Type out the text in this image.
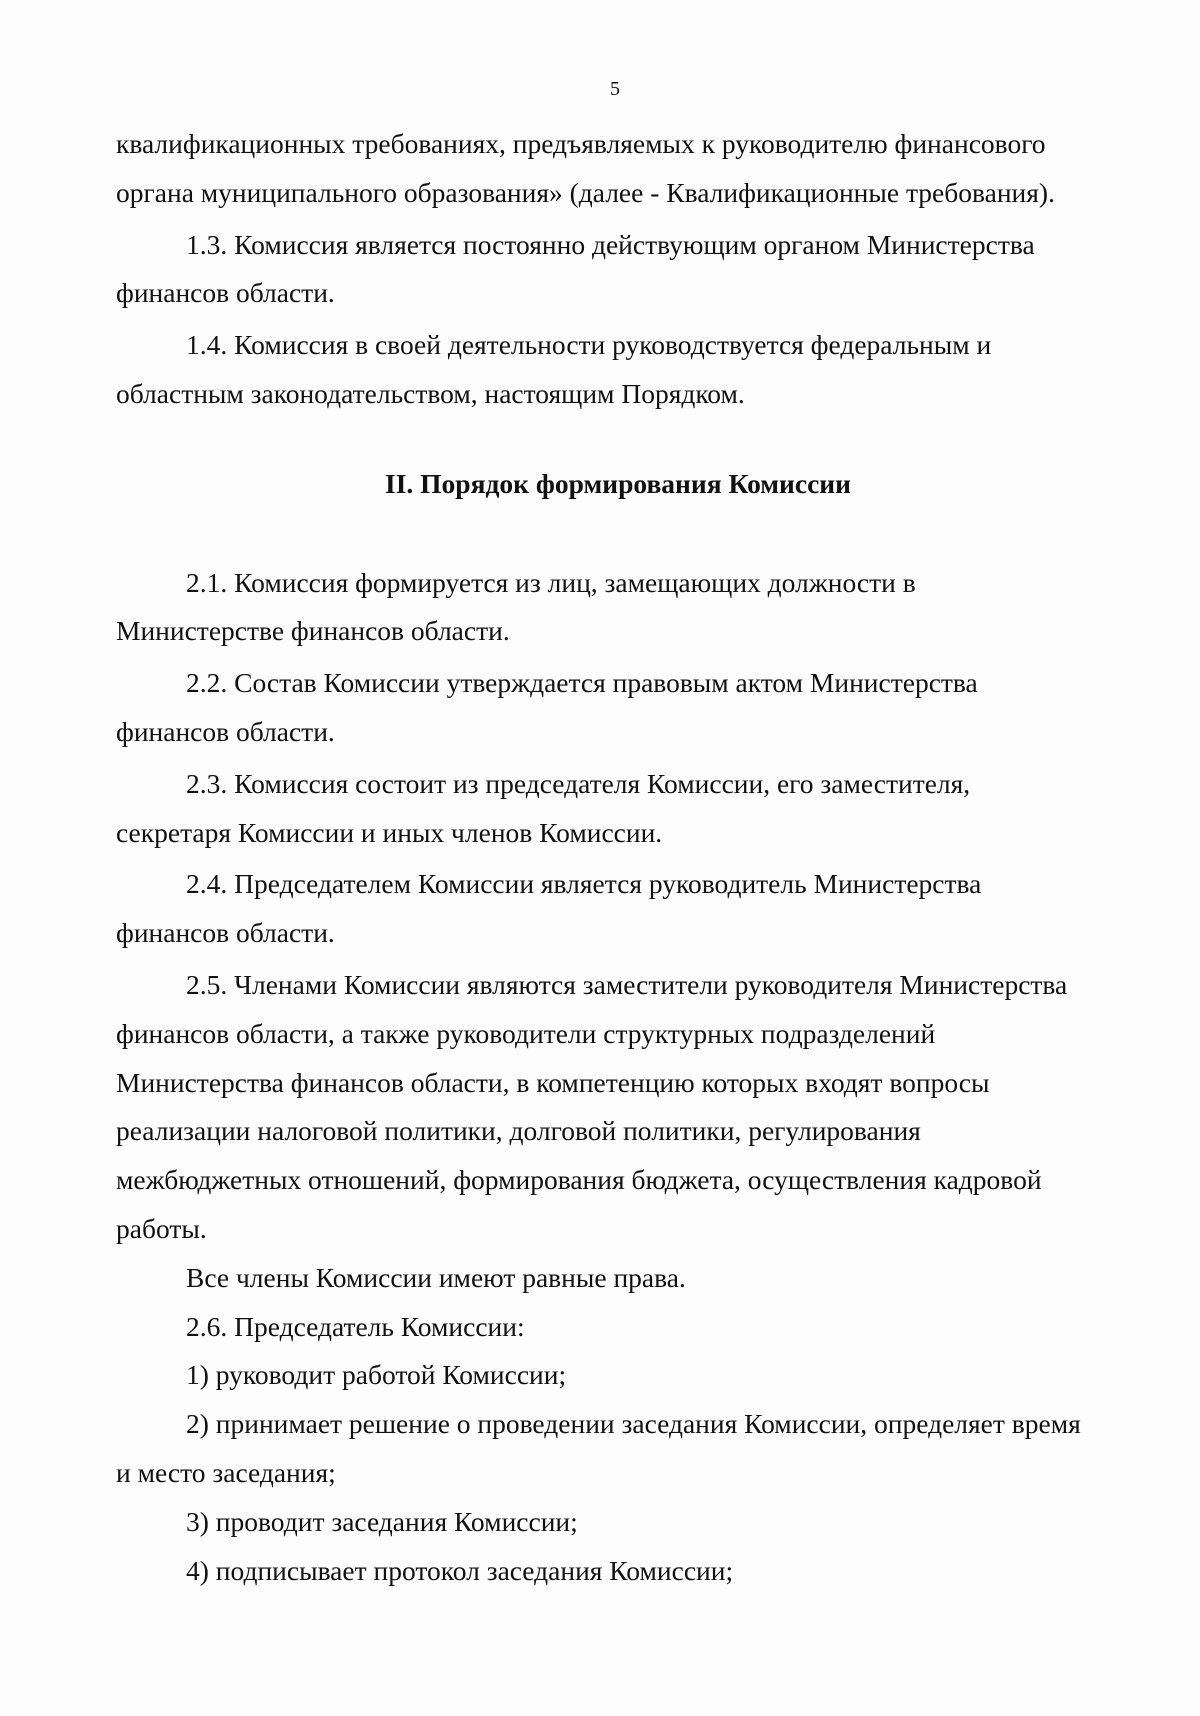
5

квалификационных требованиях, предъявляемых к руководителю финансового

органа муниципального образования» (далее - Квалификационные требования).

1.3. Комиссия является постоянно действующим органом Министерства

финансов области.

1.4. Комиссия в своей деятельности руководствуется федеральным и

областным законодательством, настоящим Порядком.

II. Порядок формирования Комиссии

2.1. Комиссия формируется из лиц, замещающих должности в

Министерстве финансов области.

2.2. Состав Комиссии утверждается правовым актом Министерства

финансов области.

2.3. Комиссия состоит из председателя Комиссии, его заместителя,

секретаря Комиссии и иных членов Комиссии.

2.4. Председателем Комиссии является руководитель Министерства

финансов области.

2.5. Членами Комиссии являются заместители руководителя Министерства

финансов области, а также руководители структурных подразделений

Министерства финансов области, в компетенцию которых входят вопросы

реализации налоговой политики, долговой политики, регулирования

межбюджетных отношений, формирования бюджета, осуществления кадровой

работы.

Все члены Комиссии имеют равные права.

2.6. Председатель Комиссии:

1) руководит работой Комиссии;

2) принимает решение о проведении заседания Комиссии, определяет время

и место заседания;

3) проводит заседания Комиссии;

4) подписывает протокол заседания Комиссии;
